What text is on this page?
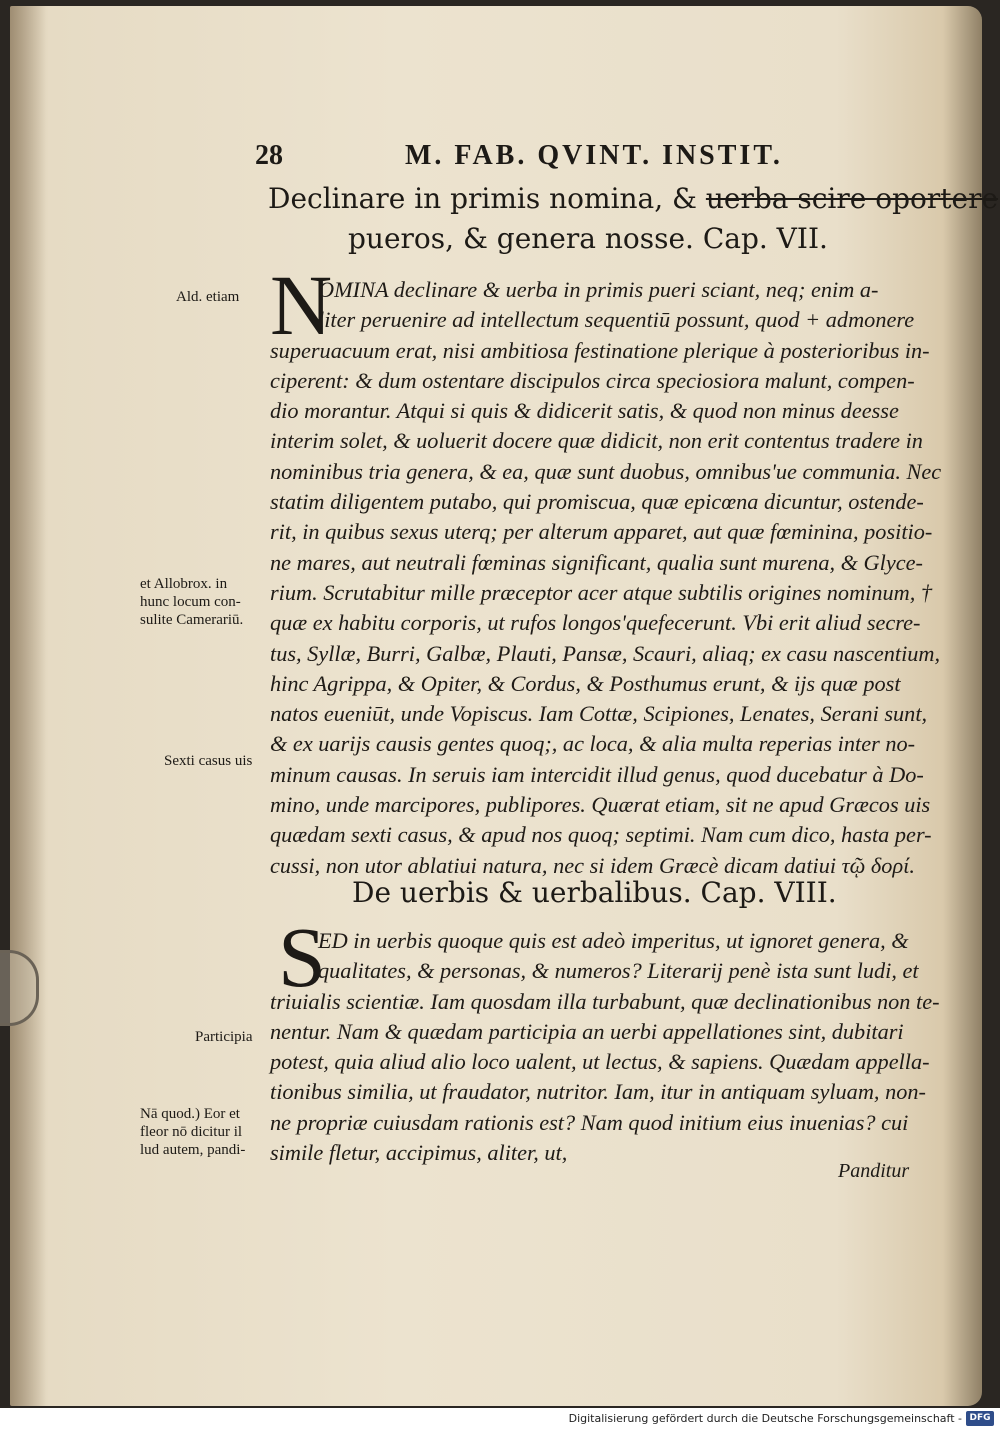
28	M. FAB. QVINT. INSTIT.
Declinare in primis nomina, & uerba scire oportere
pueros, & genera nosse. Cap. VII.
N
OMINA declinare & uerba in primis pueri sciant, neq; enim a-
liter peruenire ad intellectum sequentiū possunt, quod + admonere
superuacuum erat, nisi ambitiosa festinatione plerique à posterioribus in-
ciperent: & dum ostentare discipulos circa speciosiora malunt, compen-
dio morantur. Atqui si quis & didicerit satis, & quod non minus deesse
interim solet, & uoluerit docere quæ didicit, non erit contentus tradere in
nominibus tria genera, & ea, quæ sunt duobus, omnibus'ue communia. Nec
statim diligentem putabo, qui promiscua, quæ epicœna dicuntur, ostende-
rit, in quibus sexus uterq; per alterum apparet, aut quæ fœminina, positio-
ne mares, aut neutrali fœminas significant, qualia sunt murena, & Glyce-
rium. Scrutabitur mille præceptor acer atque subtilis origines nominum, †
quæ ex habitu corporis, ut rufos longos'quefecerunt. Vbi erit aliud secre-
tus, Syllæ, Burri, Galbæ, Plauti, Pansæ, Scauri, aliaq; ex casu nascentium,
hinc Agrippa, & Opiter, & Cordus, & Posthumus erunt, & ijs quæ post
natos eueniūt, unde Vopiscus. Iam Cottæ, Scipiones, Lenates, Serani sunt,
& ex uarijs causis gentes quoq;, ac loca, & alia multa reperias inter no-
minum causas. In seruis iam intercidit illud genus, quod ducebatur à Do-
mino, unde marcipores, publipores. Quærat etiam, sit ne apud Græcos uis
quædam sexti casus, & apud nos quoq; septimi. Nam cum dico, hasta per-
cussi, non utor ablatiui natura, nec si idem Græcè dicam datiui τῷ δορί.
De uerbis & uerbalibus. Cap. VIII.
S
ED in uerbis quoque quis est adeò imperitus, ut ignoret genera, &
qualitates, & personas, & numeros? Literarij penè ista sunt ludi, et
triuialis scientiæ. Iam quosdam illa turbabunt, quæ declinationibus non te-
nentur. Nam & quædam participia an uerbi appellationes sint, dubitari
potest, quia aliud alio loco ualent, ut lectus, & sapiens. Quædam appella-
tionibus similia, ut fraudator, nutritor. Iam, itur in antiquam syluam, non-
ne propriæ cuiusdam rationis est? Nam quod initium eius inuenias? cui
simile fletur, accipimus, aliter, ut,
Panditur
Ald. etiam
et Allobrox. in
hunc locum con-
sulite Camerariū.
Sexti casus uis
Participia
Nā quod.) Eor et
fleor nō dicitur il
lud autem, pandi-
Digitalisierung gefördert durch die Deutsche Forschungsgemeinschaft - DFG
